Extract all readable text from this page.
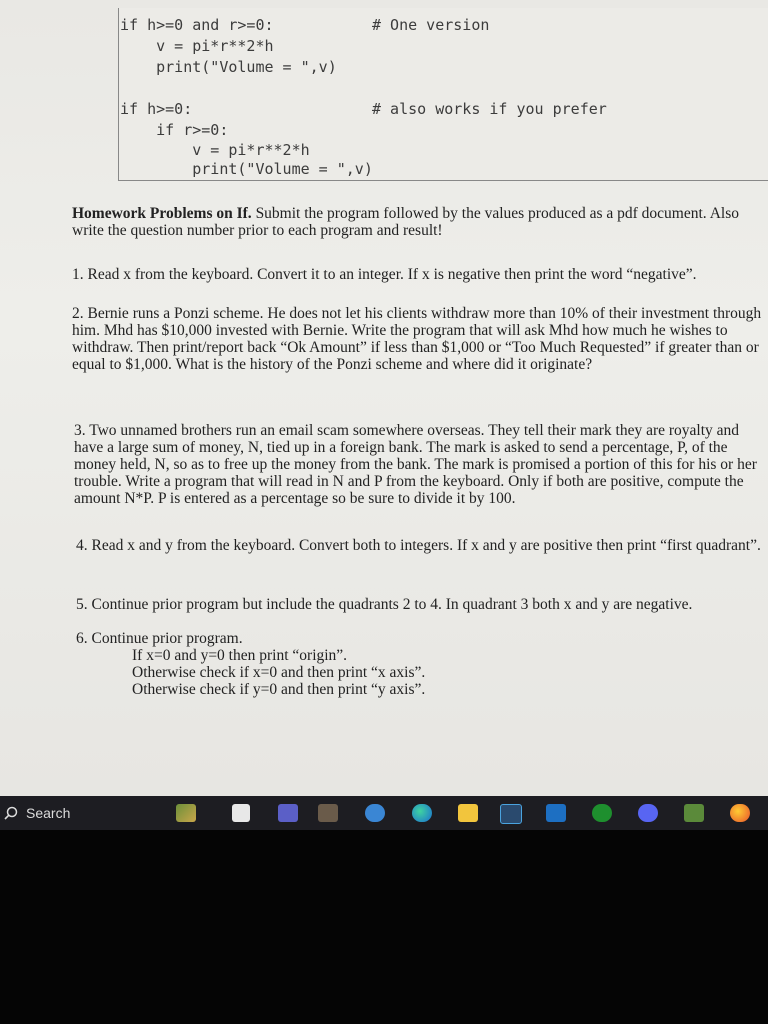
if h>=0 and r>=0:	# One version
v = pi*r**2*h
print("Volume = ",v)
if h>=0:	# also works if you prefer
if r>=0:
v = pi*r**2*h
print("Volume = ",v)

Homework Problems on If. Submit the program followed by the values produced as a pdf document. Also write the question number prior to each program and result!

1. Read x from the keyboard. Convert it to an integer. If x is negative then print the word “negative”.

2. Bernie runs a Ponzi scheme. He does not let his clients withdraw more than 10% of their investment through him. Mhd has $10,000 invested with Bernie. Write the program that will ask Mhd how much he wishes to withdraw. Then print/report back “Ok Amount” if less than $1,000 or “Too Much Requested” if greater than or equal to $1,000. What is the history of the Ponzi scheme and where did it originate?

3. Two unnamed brothers run an email scam somewhere overseas. They tell their mark they are royalty and have a large sum of money, N, tied up in a foreign bank. The mark is asked to send a percentage, P, of the money held, N, so as to free up the money from the bank. The mark is promised a portion of this for his or her trouble. Write a program that will read in N and P from the keyboard. Only if both are positive, compute the amount N*P. P is entered as a percentage so be sure to divide it by 100.

4. Read x and y from the keyboard. Convert both to integers. If x and y are positive then print “first quadrant”.

5. Continue prior program but include the quadrants 2 to 4. In quadrant 3 both x and y are negative.

6. Continue prior program.

If x=0 and y=0 then print “origin”.

Otherwise check if x=0 and then print “x axis”.

Otherwise check if y=0 and then print “y axis”.

Search
